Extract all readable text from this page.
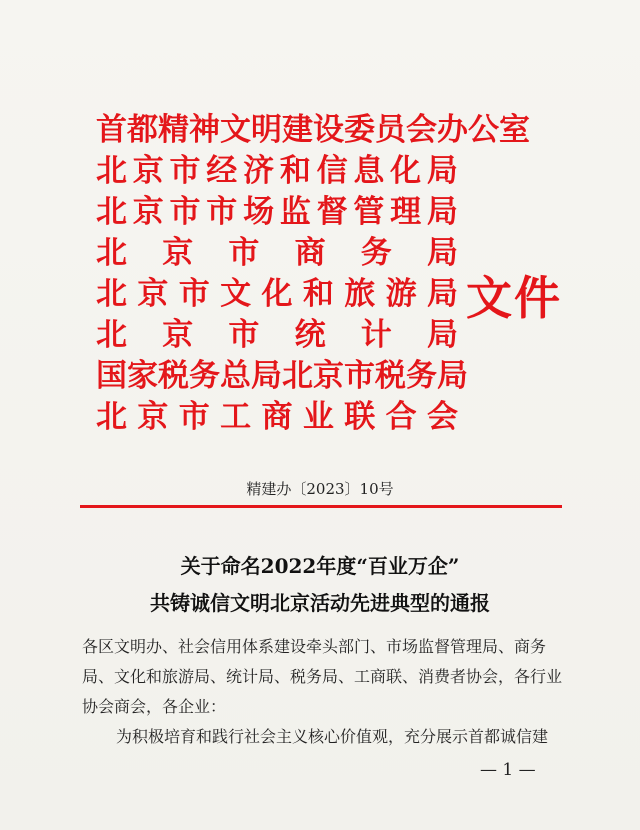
首都精神文明建设委员会办公室
北 京 市 经 济 和 信 息 化 局
北 京 市 市 场 监 督 管 理 局
北 京 市 商 务 局
北 京 市 文 化 和 旅 游 局
北 京 市 统 计 局
国家税务总局北京市税务局
北 京 市 工 商 业 联 合 会
文件
精建办〔2023〕10号
关于命名2022年度“百业万企”
共铸诚信文明北京活动先进典型的通报
各区文明办、社会信用体系建设牵头部门、市场监督管理局、商务局、文化和旅游局、统计局、税务局、工商联、消费者协会，各行业协会商会，各企业：
为积极培育和践行社会主义核心价值观，充分展示首都诚信建
— 1 —
